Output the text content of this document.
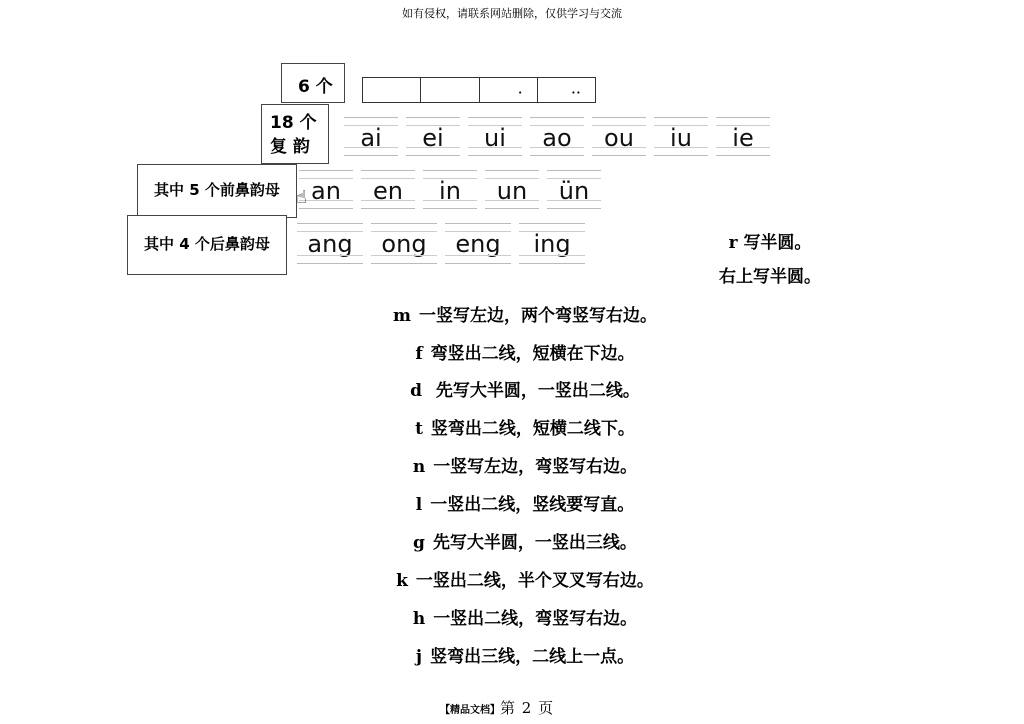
如有侵权，请联系网站删除，仅供学习与交流
r 写半圆。
右上写半圆。
m 一竖写左边，两个弯竖写右边。
f 弯竖出二线，短横在下边。
d 先写大半圆，一竖出二线。
t 竖弯出二线，短横二线下。
n 一竖写左边，弯竖写右边。
l 一竖出二线，竖线要写直。
g 先写大半圆，一竖出三线。
k 一竖出二线，半个叉叉写右边。
h 一竖出二线，弯竖写右边。
j 竖弯出三线，二线上一点。
·	··
ai	ei	ui	ao	ou	iu	ie
an	en	in	un	ün
ang	ong	eng	ing
6 个
18 个
复 韵
其中 5 个前鼻韵母
其中 4 个后鼻韵母
☝
【精品文档】第 2 页
